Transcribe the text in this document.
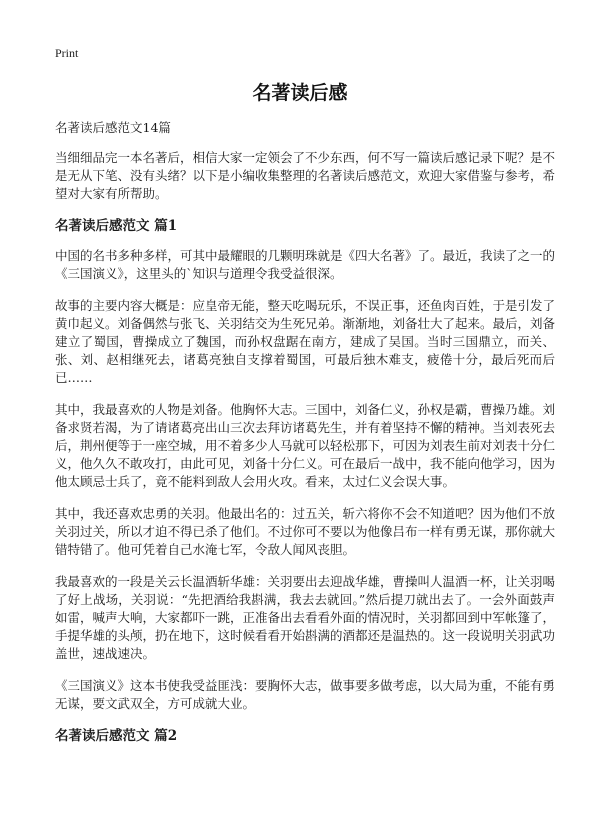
Print
名著读后感

名著读后感范文14篇

当细细品完一本名著后，相信大家一定领会了不少东西，何不写一篇读后感记录下呢？是不是无从下笔、没有头绪？以下是小编收集整理的名著读后感范文，欢迎大家借鉴与参考，希望对大家有所帮助。

名著读后感范文 篇1

中国的名书多种多样，可其中最耀眼的几颗明珠就是《四大名著》了。最近，我读了之一的《三国演义》，这里头的`知识与道理令我受益很深。

故事的主要内容大概是：应皇帝无能，整天吃喝玩乐，不误正事，还鱼肉百姓，于是引发了黄巾起义。刘备偶然与张飞、关羽结交为生死兄弟。渐渐地，刘备壮大了起来。最后，刘备建立了蜀国，曹操成立了魏国，而孙权盘踞在南方，建成了吴国。当时三国鼎立，而关、张、刘、赵相继死去，诸葛亮独自支撑着蜀国，可最后独木难支，疲倦十分，最后死而后已……

其中，我最喜欢的人物是刘备。他胸怀大志。三国中，刘备仁义，孙权是霸，曹操乃雄。刘备求贤若渴，为了请诸葛亮出山三次去拜访诸葛先生，并有着坚持不懈的精神。当刘表死去后，荆州便等于一座空城，用不着多少人马就可以轻松那下，可因为刘表生前对刘表十分仁义，他久久不敢攻打，由此可见，刘备十分仁义。可在最后一战中，我不能向他学习，因为他太顾忌士兵了，竟不能料到敌人会用火攻。看来，太过仁义会误大事。

其中，我还喜欢忠勇的关羽。他最出名的：过五关，斩六将你不会不知道吧？因为他们不放关羽过关，所以才迫不得已杀了他们。不过你可不要以为他像吕布一样有勇无谋，那你就大错特错了。他可凭着自己水淹七军，令敌人闻风丧胆。

我最喜欢的一段是关云长温酒斩华雄：关羽要出去迎战华雄，曹操叫人温酒一杯，让关羽喝了好上战场，关羽说：“先把酒给我斟满，我去去就回。”然后提刀就出去了。一会外面鼓声如雷，喊声大响，大家都吓一跳，正准备出去看看外面的情况时，关羽都回到中军帐篷了，手提华雄的头颅，扔在地下，这时候看看开始斟满的酒都还是温热的。这一段说明关羽武功盖世，速战速决。

《三国演义》这本书使我受益匪浅：要胸怀大志，做事要多做考虑，以大局为重，不能有勇无谋，要文武双全，方可成就大业。

名著读后感范文 篇2
